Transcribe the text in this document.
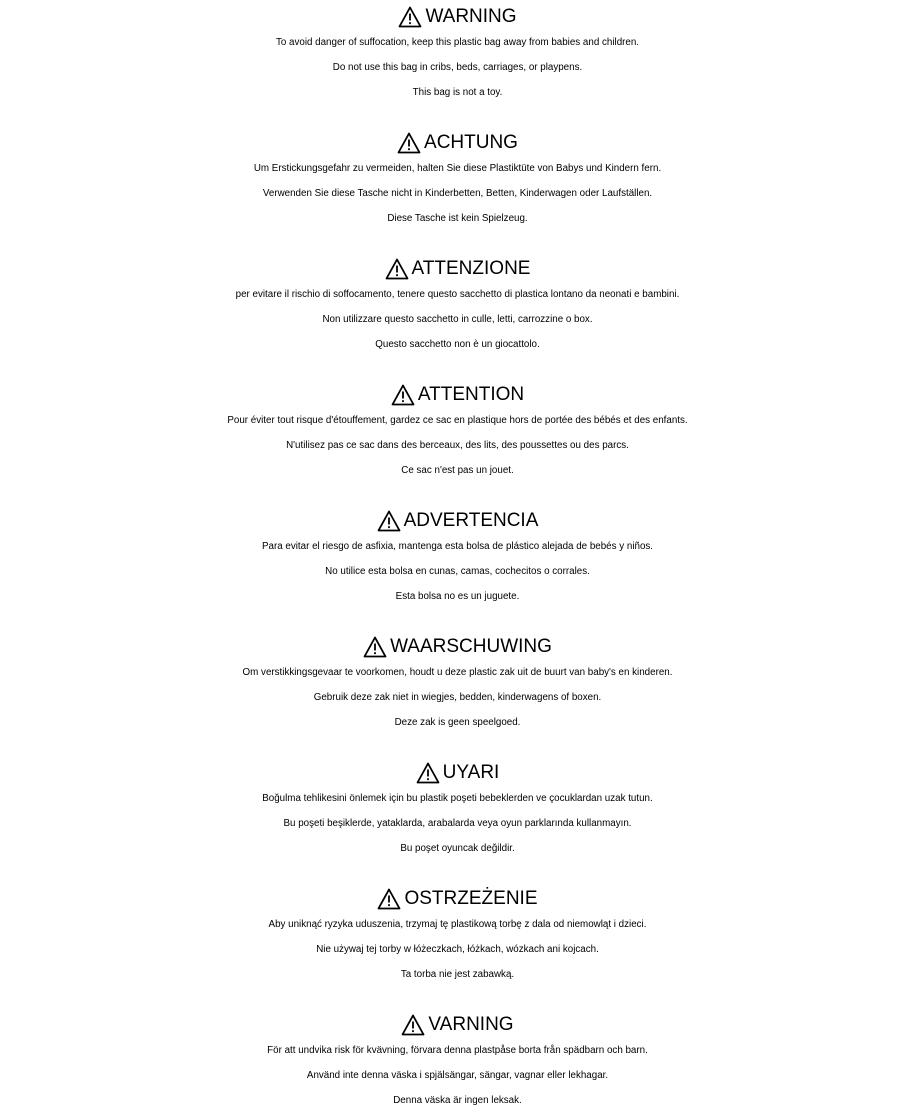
WARNING
To avoid danger of suffocation, keep this plastic bag away from babies and children.
Do not use this bag in cribs, beds, carriages, or playpens.
This bag is not a toy.
ACHTUNG
Um Erstickungsgefahr zu vermeiden, halten Sie diese Plastiktüte von Babys und Kindern fern.
Verwenden Sie diese Tasche nicht in Kinderbetten, Betten, Kinderwagen oder Laufställen.
Diese Tasche ist kein Spielzeug.
ATTENZIONE
per evitare il rischio di soffocamento, tenere questo sacchetto di plastica lontano da neonati e bambini.
Non utilizzare questo sacchetto in culle, letti, carrozzine o box.
Questo sacchetto non è un giocattolo.
ATTENTION
Pour éviter tout risque d'étouffement, gardez ce sac en plastique hors de portée des bébés et des enfants.
N'utilisez pas ce sac dans des berceaux, des lits, des poussettes ou des parcs.
Ce sac n'est pas un jouet.
ADVERTENCIA
Para evitar el riesgo de asfixia, mantenga esta bolsa de plástico alejada de bebés y niños.
No utilice esta bolsa en cunas, camas, cochecitos o corrales.
Esta bolsa no es un juguete.
WAARSCHUWING
Om verstikkingsgevaar te voorkomen, houdt u deze plastic zak uit de buurt van baby's en kinderen.
Gebruik deze zak niet in wiegjes, bedden, kinderwagens of boxen.
Deze zak is geen speelgoed.
UYARI
Boğulma tehlikesini önlemek için bu plastik poşeti bebeklerden ve çocuklardan uzak tutun.
Bu poşeti beşiklerde, yataklarda, arabalarda veya oyun parklarında kullanmayın.
Bu poşet oyuncak değildir.
OSTRZEŻENIE
Aby uniknąć ryzyka uduszenia, trzymaj tę plastikową torbę z dala od niemowląt i dzieci.
Nie używaj tej torby w łóżeczkach, łóżkach, wózkach ani kojcach.
Ta torba nie jest zabawką.
VARNING
För att undvika risk för kvävning, förvara denna plastpåse borta från spädbarn och barn.
Använd inte denna väska i spjälsängar, sängar, vagnar eller lekhagar.
Denna väska är ingen leksak.
